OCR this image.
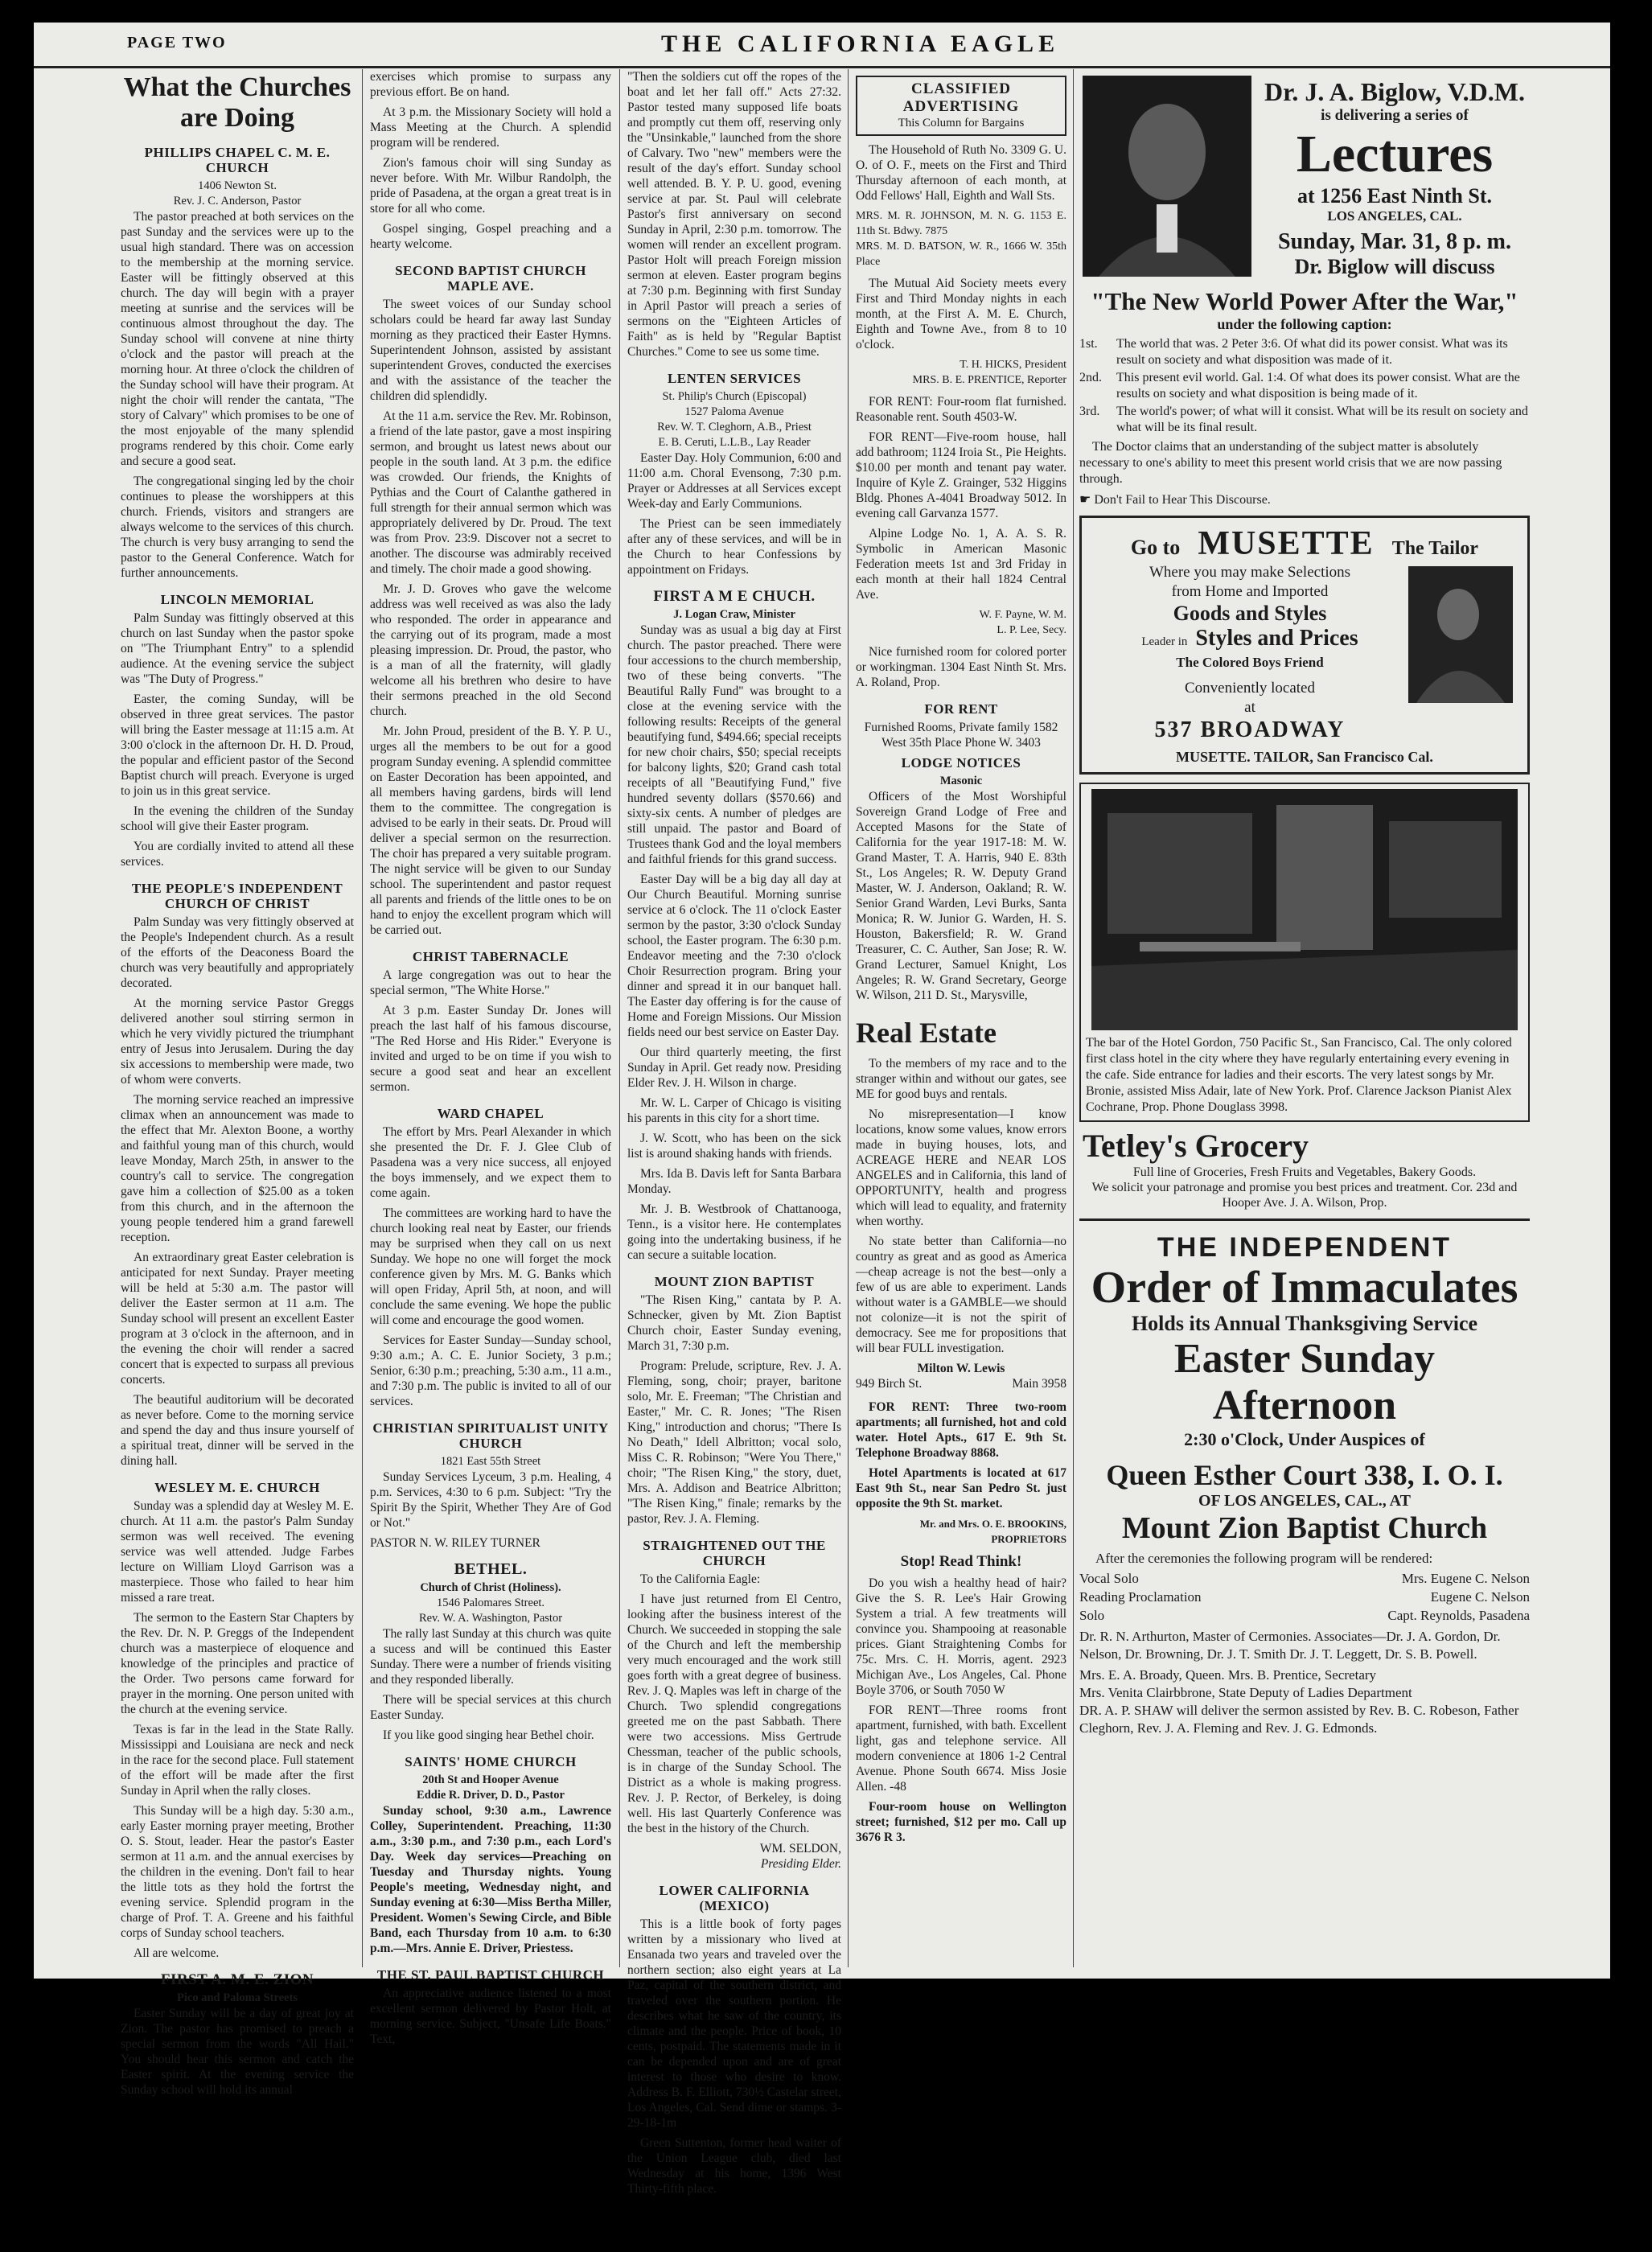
PAGE TWO	THE CALIFORNIA EAGLE
What the Churches are Doing
PHILLIPS CHAPEL C. M. E. CHURCH
1406 Newton St.
Rev. J. C. Anderson, Pastor

The pastor preached at both services on the past Sunday and the services were up to the usual high standard. There was on accession to the membership at the morning service. Easter will be fittingly observed at this church. The day will begin with a prayer meeting at sunrise and the services will be continuous almost throughout the day. The Sunday school will convene at nine thirty o'clock and the pastor will preach at the morning hour. At three o'clock the children of the Sunday school will have their program. At night the choir will render the cantata, "The story of Calvary" which promises to be one of the most enjoyable of the many splendid programs rendered by this choir. Come early and secure a good seat.

The congregational singing led by the choir continues to please the worshippers at this church. Friends, visitors and strangers are always welcome to the services of this church. The church is very busy arranging to send the pastor to the General Conference. Watch for further announcements.

LINCOLN MEMORIAL

Palm Sunday was fittingly observed at this church on last Sunday when the pastor spoke on "The Triumphant Entry" to a splendid audience. At the evening service the subject was "The Duty of Progress."

Easter, the coming Sunday, will be observed in three great services. The pastor will bring the Easter message at 11:15 a.m. At 3:00 o'clock in the afternoon Dr. H. D. Proud, the popular and efficient pastor of the Second Baptist church will preach. Everyone is urged to join us in this great service.

In the evening the children of the Sunday school will give their Easter program.

You are cordially invited to attend all these services.

THE PEOPLE'S INDEPENDENT CHURCH OF CHRIST

Palm Sunday was very fittingly observed at the People's Independent church. As a result of the efforts of the Deaconess Board the church was very beautifully and appropriately decorated.

At the morning service Pastor Greggs delivered another soul stirring sermon in which he very vividly pictured the triumphant entry of Jesus into Jerusalem. During the day six accessions to membership were made, two of whom were converts.

The morning service reached an impressive climax when an announcement was made to the effect that Mr. Alexton Boone, a worthy and faithful young man of this church, would leave Monday, March 25th, in answer to the country's call to service. The congregation gave him a collection of $25.00 as a token from this church, and in the afternoon the young people tendered him a grand farewell reception.

An extraordinary great Easter celebration is anticipated for next Sunday. Prayer meeting will be held at 5:30 a.m. The pastor will deliver the Easter sermon at 11 a.m. The Sunday school will present an excellent Easter program at 3 o'clock in the afternoon, and in the evening the choir will render a sacred concert that is expected to surpass all previous concerts.

The beautiful auditorium will be decorated as never before. Come to the morning service and spend the day and thus insure yourself of a spiritual treat, dinner will be served in the dining hall.

WESLEY M. E. CHURCH

Sunday was a splendid day at Wesley M. E. church. At 11 a.m. the pastor's Palm Sunday sermon was well received. The evening service was well attended. Judge Farbes lecture on William Lloyd Garrison was a masterpiece. Those who failed to hear him missed a rare treat.

The sermon to the Eastern Star Chapters by the Rev. Dr. N. P. Greggs of the Independent church was a masterpiece of eloquence and knowledge of the principles and practice of the Order. Two persons came forward for prayer in the morning. One person united with the church at the evening service.

Texas is far in the lead in the State Rally. Mississippi and Louisiana are neck and neck in the race for the second place. Full statement of the effort will be made after the first Sunday in April when the rally closes.

This Sunday will be a high day. 5:30 a.m., early Easter morning prayer meeting, Brother O. S. Stout, leader. Hear the pastor's Easter sermon at 11 a.m. and the annual exercises by the children in the evening. Don't fail to hear the little tots as they hold the fortrst the evening service. Splendid program in the charge of Prof. T. A. Greene and his faithful corps of Sunday school teachers.

All are welcome.

FIRST A. M. E. ZION
Pico and Paloma Streets

Easter Sunday will be a day of great joy at Zion. The pastor has promised to preach a special sermon from the words "All Hail." You should hear this sermon and catch the Easter spirit. At the evening service the Sunday school will hold its annual

exercises which promise to surpass any previous effort. Be on hand.

At 3 p.m. the Missionary Society will hold a Mass Meeting at the Church. A splendid program will be rendered.

Zion's famous choir will sing Sunday as never before. With Mr. Wilbur Randolph, the pride of Pasadena, at the organ a great treat is in store for all who come.

Gospel singing, Gospel preaching and a hearty welcome.

SECOND BAPTIST CHURCH MAPLE AVE.

The sweet voices of our Sunday school scholars could be heard far away last Sunday morning as they practiced their Easter Hymns. Superintendent Johnson, assisted by assistant superintendent Groves, conducted the exercises and with the assistance of the teacher the children did splendidly.

At the 11 a.m. service the Rev. Mr. Robinson, a friend of the late pastor, gave a most inspiring sermon, and brought us latest news about our people in the south land. At 3 p.m. the edifice was crowded. Our friends, the Knights of Pythias and the Court of Calanthe gathered in full strength for their annual sermon which was appropriately delivered by Dr. Proud. The text was from Prov. 23:9. Discover not a secret to another. The discourse was admirably received and timely. The choir made a good showing.

Mr. J. D. Groves who gave the welcome address was well received as was also the lady who responded. The order in appearance and the carrying out of its program, made a most pleasing impression. Dr. Proud, the pastor, who is a man of all the fraternity, will gladly welcome all his brethren who desire to have their sermons preached in the old Second church.

Mr. John Proud, president of the B. Y. P. U., urges all the members to be out for a good program Sunday evening. A splendid committee on Easter Decoration has been appointed, and all members having gardens, birds will lend them to the committee. The congregation is advised to be early in their seats. Dr. Proud will deliver a special sermon on the resurrection. The choir has prepared a very suitable program. The night service will be given to our Sunday school. The superintendent and pastor request all parents and friends of the little ones to be on hand to enjoy the excellent program which will be carried out.

CHRIST TABERNACLE

A large congregation was out to hear the special sermon, "The White Horse."

At 3 p.m. Easter Sunday Dr. Jones will preach the last half of his famous discourse, "The Red Horse and His Rider." Everyone is invited and urged to be on time if you wish to secure a good seat and hear an excellent sermon.

WARD CHAPEL

The effort by Mrs. Pearl Alexander in which she presented the Dr. F. J. Glee Club of Pasadena was a very nice success, all enjoyed the boys immensely, and we expect them to come again.

The committees are working hard to have the church looking real neat by Easter, our friends may be surprised when they call on us next Sunday. We hope no one will forget the mock conference given by Mrs. M. G. Banks which will open Friday, April 5th, at noon, and will conclude the same evening. We hope the public will come and encourage the good women.

Services for Easter Sunday—Sunday school, 9:30 a.m.; A. C. E. Junior Society, 3 p.m.; Senior, 6:30 p.m.; preaching, 5:30 a.m., 11 a.m., and 7:30 p.m. The public is invited to all of our services.

CHRISTIAN SPIRITUALIST UNITY CHURCH
1821 East 55th Street

Sunday Services Lyceum, 3 p.m. Healing, 4 p.m. Services, 4:30 to 6 p.m. Subject: "Try the Spirit By the Spirit, Whether They Are of God or Not."

PASTOR N. W. RILEY TURNER

BETHEL.
Church of Christ (Holiness).
1546 Palomares Street.
Rev. W. A. Washington, Pastor

The rally last Sunday at this church was quite a sucess and will be continued this Easter Sunday. There were a number of friends visiting and they responded liberally.

There will be special services at this church Easter Sunday.

If you like good singing hear Bethel choir.

SAINTS' HOME CHURCH
20th St and Hooper Avenue
Eddie R. Driver, D. D., Pastor

Sunday school, 9:30 a.m., Lawrence Colley, Superintendent. Preaching, 11:30 a.m., 3:30 p.m., and 7:30 p.m., each Lord's Day. Week day services—Preaching on Tuesday and Thursday nights. Young People's meeting, Wednesday night, and Sunday evening at 6:30—Miss Bertha Miller, President. Women's Sewing Circle, and Bible Band, each Thursday from 10 a.m. to 6:30 p.m.—Mrs. Annie E. Driver, Priestess.

THE ST. PAUL BAPTIST CHURCH

An appreciative audience listened to a most excellent sermon delivered by Pastor Holt, at morning service. Subject, "Unsafe Life Boats." Text,

"Then the soldiers cut off the ropes of the boat and let her fall off." Acts 27:32. Pastor tested many supposed life boats and promptly cut them off, reserving only the "Unsinkable," launched from the shore of Calvary. Two "new" members were the result of the day's effort. Sunday school well attended. B. Y. P. U. good, evening service at par. St. Paul will celebrate Pastor's first anniversary on second Sunday in April, 2:30 p.m. tomorrow. The women will render an excellent program. Pastor Holt will preach Foreign mission sermon at eleven. Easter program begins at 7:30 p.m. Beginning with first Sunday in April Pastor will preach a series of sermons on the "Eighteen Articles of Faith" as is held by "Regular Baptist Churches." Come to see us some time.

LENTEN SERVICES
St. Philip's Church (Episcopal)
1527 Paloma Avenue
Rev. W. T. Cleghorn, A.B., Priest
E. B. Ceruti, L.L.B., Lay Reader

Easter Day. Holy Communion, 6:00 and 11:00 a.m. Choral Evensong, 7:30 p.m. Prayer or Addresses at all Services except Week-day and Early Communions.

The Priest can be seen immediately after any of these services, and will be in the Church to hear Confessions by appointment on Fridays.

FIRST A M E CHUCH.
J. Logan Craw, Minister

Sunday was as usual a big day at First church. The pastor preached. There were four accessions to the church membership, two of these being converts. "The Beautiful Rally Fund" was brought to a close at the evening service with the following results: Receipts of the general beautifying fund, $494.66; special receipts for new choir chairs, $50; special receipts for balcony lights, $20; Grand cash total receipts of all "Beautifying Fund," five hundred seventy dollars ($570.66) and sixty-six cents. A number of pledges are still unpaid. The pastor and Board of Trustees thank God and the loyal members and faithful friends for this grand success.

Easter Day will be a big day all day at Our Church Beautiful. Morning sunrise service at 6 o'clock. The 11 o'clock Easter sermon by the pastor, 3:30 o'clock Sunday school, the Easter program. The 6:30 p.m. Endeavor meeting and the 7:30 o'clock Choir Resurrection program. Bring your dinner and spread it in our banquet hall. The Easter day offering is for the cause of Home and Foreign Missions. Our Mission fields need our best service on Easter Day.

Our third quarterly meeting, the first Sunday in April. Get ready now. Presiding Elder Rev. J. H. Wilson in charge.

Mr. W. L. Carper of Chicago is visiting his parents in this city for a short time.

J. W. Scott, who has been on the sick list is around shaking hands with friends.

Mrs. Ida B. Davis left for Santa Barbara Monday.

Mr. J. B. Westbrook of Chattanooga, Tenn., is a visitor here. He contemplates going into the undertaking business, if he can secure a suitable location.

MOUNT ZION BAPTIST

"The Risen King," cantata by P. A. Schnecker, given by Mt. Zion Baptist Church choir, Easter Sunday evening, March 31, 7:30 p.m.

Program: Prelude, scripture, Rev. J. A. Fleming, song, choir; prayer, baritone solo, Mr. E. Freeman; "The Christian and Easter," Mr. C. R. Jones; "The Risen King," introduction and chorus; "There Is No Death," Idell Albritton; vocal solo, Miss C. R. Robinson; "Were You There," choir; "The Risen King," the story, duet, Mrs. A. Addison and Beatrice Albritton; "The Risen King," finale; remarks by the pastor, Rev. J. A. Fleming.

STRAIGHTENED OUT THE CHURCH

To the California Eagle:

I have just returned from El Centro, looking after the business interest of the Church. We succeeded in stopping the sale of the Church and left the membership very much encouraged and the work still goes forth with a great degree of business. Rev. J. Q. Maples was left in charge of the Church. Two splendid congregations greeted me on the past Sabbath. There were two accessions. Miss Gertrude Chessman, teacher of the public schools, is in charge of the Sunday School. The District as a whole is making progress. Rev. J. P. Rector, of Berkeley, is doing well. His last Quarterly Conference was the best in the history of the Church.

WM. SELDON,
Presiding Elder.
LOWER CALIFORNIA (MEXICO)

This is a little book of forty pages written by a missionary who lived at Ensanada two years and traveled over the northern section; also eight years at La Paz, capital of the southern district, and traveled over the southern portion. He describes what he saw of the country, its climate and the people. Price of book, 10 cents, postpaid. The statements made in it can be depended upon and are of great interest to those who desire to know. Address B. F. Elliott, 730½ Castelar street, Los Angeles, Cal. Send dime or stamps. 3-29-18-1m

Green Suttenton, former head waiter of the Union League club, died last Wednesday at his home, 1396 West Thirty-fifth place.

CLASSIFIED ADVERTISING
This Column for Bargains

The Household of Ruth No. 3309 G. U. O. of O. F., meets on the First and Third Thursday afternoon of each month, at Odd Fellows' Hall, Eighth and Wall Sts.

MRS. M. R. JOHNSON, M. N. G. 1153 E. 11th St. Bdwy. 7875
MRS. M. D. BATSON, W. R., 1666 W. 35th Place

The Mutual Aid Society meets every First and Third Monday nights in each month, at the First A. M. E. Church, Eighth and Towne Ave., from 8 to 10 o'clock.

T. H. HICKS, President
MRS. B. E. PRENTICE, Reporter

FOR RENT: Four-room flat furnished. Reasonable rent. South 4503-W.

FOR RENT—Five-room house, hall add bathroom; 1124 Iroia St., Pie Heights. $10.00 per month and tenant pay water. Inquire of Kyle Z. Grainger, 532 Higgins Bldg. Phones A-4041 Broadway 5012. In evening call Garvanza 1577.

Alpine Lodge No. 1, A. A. S. R. Symbolic in American Masonic Federation meets 1st and 3rd Friday in each month at their hall 1824 Central Ave.

W. F. Payne, W. M.
L. P. Lee, Secy.

Nice furnished room for colored porter or workingman. 1304 East Ninth St. Mrs. A. Roland, Prop.

FOR RENT

Furnished Rooms, Private family 1582 West 35th Place Phone W. 3403

LODGE NOTICES
Masonic

Officers of the Most Worshipful Sovereign Grand Lodge of Free and Accepted Masons for the State of California for the year 1917-18: M. W. Grand Master, T. A. Harris, 940 E. 83th St., Los Angeles; R. W. Deputy Grand Master, W. J. Anderson, Oakland; R. W. Senior Grand Warden, Levi Burks, Santa Monica; R. W. Junior G. Warden, H. S. Houston, Bakersfield; R. W. Grand Treasurer, C. C. Auther, San Jose; R. W. Grand Lecturer, Samuel Knight, Los Angeles; R. W. Grand Secretary, George W. Wilson, 211 D. St., Marysville,

Real Estate

To the members of my race and to the stranger within and without our gates, see ME for good buys and rentals.

No misrepresentation—I know locations, know some values, know errors made in buying houses, lots, and ACREAGE HERE and NEAR LOS ANGELES and in California, this land of OPPORTUNITY, health and progress which will lead to equality, and fraternity when worthy.

No state better than California—no country as great and as good as America—cheap acreage is not the best—only a few of us are able to experiment. Lands without water is a GAMBLE—we should not colonize—it is not the spirit of democracy. See me for propositions that will bear FULL investigation.

Milton W. Lewis
949 Birch St.	Main 3958

FOR RENT: Three two-room apartments; all furnished, hot and cold water. Hotel Apts., 617 E. 9th St. Telephone Broadway 8868.

Hotel Apartments is located at 617 East 9th St., near San Pedro St. just opposite the 9th St. market.

Mr. and Mrs. O. E. BROOKINS, PROPRIETORS
Stop! Read Think!

Do you wish a healthy head of hair? Give the S. R. Lee's Hair Growing System a trial. A few treatments will convince you. Shampooing at reasonable prices. Giant Straightening Combs for 75c. Mrs. C. H. Morris, agent. 2923 Michigan Ave., Los Angeles, Cal. Phone Boyle 3706, or South 7050 W

FOR RENT—Three rooms front apartment, furnished, with bath. Excellent light, gas and telephone service. All modern convenience at 1806 1-2 Central Avenue. Phone South 6674. Miss Josie Allen. -48

Four-room house on Wellington street; furnished, $12 per mo. Call up 3676 R 3.

Dr. J. A. Biglow, V.D.M.
is delivering a series of
Lectures
at 1256 East Ninth St.
LOS ANGELES, CAL.
Sunday, Mar. 31, 8 p. m.
Dr. Biglow will discuss
"The New World Power After the War,"
under the following caption:
1st.	The world that was. 2 Peter 3:6. Of what did its power consist. What was its result on society and what disposition was made of it.
2nd.	This present evil world. Gal. 1:4. Of what does its power consist. What are the results on society and what disposition is being made of it.
3rd.	The world's power; of what will it consist. What will be its result on society and what will be its final result.

The Doctor claims that an understanding of the subject matter is absolutely necessary to one's ability to meet this present world crisis that we are now passing through.

☛ Don't Fail to Hear This Discourse.
Go to MUSETTE The Tailor
Where you may make Selections
from Home and Imported
Goods and Styles
Leader in Styles and Prices
The Colored Boys Friend
Conveniently located
at
537 BROADWAY
MUSETTE. TAILOR, San Francisco Cal.

The bar of the Hotel Gordon, 750 Pacific St., San Francisco, Cal. The only colored first class hotel in the city where they have regularly entertaining every evening in the cafe. Side entrance for ladies and their escorts. The very latest songs by Mr. Bronie, assisted Miss Adair, late of New York. Prof. Clarence Jackson Pianist Alex Cochrane, Prop. Phone Douglass 3998.

Tetley's Grocery
Full line of Groceries, Fresh Fruits and Vegetables, Bakery Goods.
We solicit your patronage and promise you best prices and treatment. Cor. 23d and Hooper Ave. J. A. Wilson, Prop.
THE INDEPENDENT
Order of Immaculates
Holds its Annual Thanksgiving Service
Easter Sunday Afternoon
2:30 o'Clock, Under Auspices of
Queen Esther Court 338, I. O. I.
OF LOS ANGELES, CAL., AT
Mount Zion Baptist Church
After the ceremonies the following program will be rendered:
Vocal Solo	Mrs. Eugene C. Nelson
Reading Proclamation	Eugene C. Nelson
Solo	Capt. Reynolds, Pasadena

Dr. R. N. Arthurton, Master of Cermonies. Associates—Dr. J. A. Gordon, Dr. Nelson, Dr. Browning, Dr. J. T. Smith Dr. J. T. Leggett, Dr. S. B. Powell.

Mrs. E. A. Broady, Queen. Mrs. B. Prentice, Secretary
Mrs. Venita Clairbbrone, State Deputy of Ladies Department

DR. A. P. SHAW will deliver the sermon assisted by Rev. B. C. Robeson, Father Cleghorn, Rev. J. A. Fleming and Rev. J. G. Edmonds.
